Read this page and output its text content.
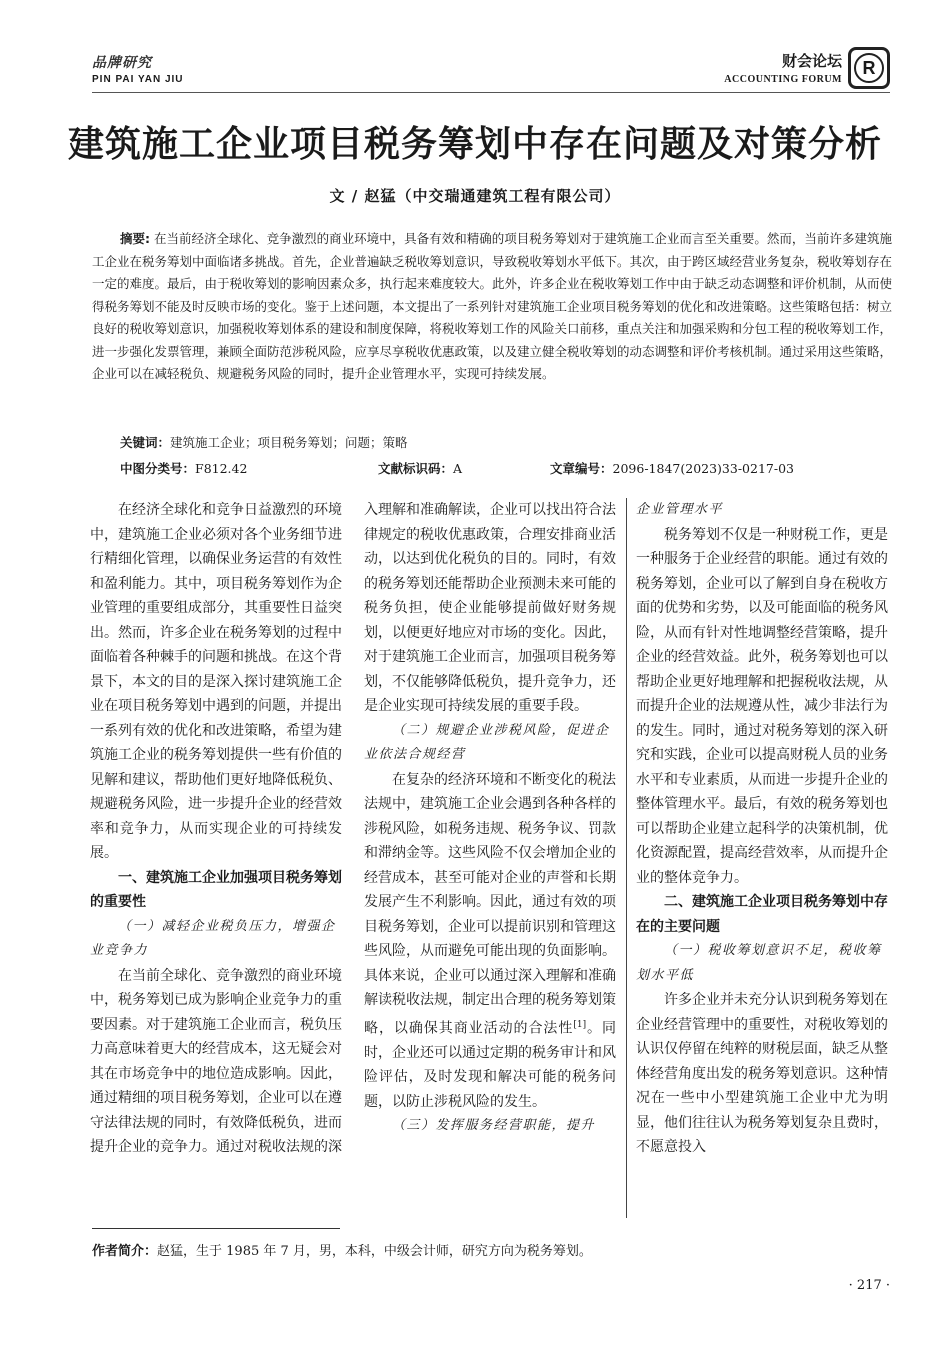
品牌研究
PIN PAI YAN JIU
财会论坛
ACCOUNTING FORUM
R
建筑施工企业项目税务筹划中存在问题及对策分析
文 / 赵猛（中交瑞通建筑工程有限公司）
摘要: 在当前经济全球化、竞争激烈的商业环境中，具备有效和精确的项目税务筹划对于建筑施工企业而言至关重要。然而，当前许多建筑施工企业在税务筹划中面临诸多挑战。首先，企业普遍缺乏税收筹划意识，导致税收筹划水平低下。其次，由于跨区域经营业务复杂，税收筹划存在一定的难度。最后，由于税收筹划的影响因素众多，执行起来难度较大。此外，许多企业在税收筹划工作中由于缺乏动态调整和评价机制，从而使得税务筹划不能及时反映市场的变化。鉴于上述问题，本文提出了一系列针对建筑施工企业项目税务筹划的优化和改进策略。这些策略包括：树立良好的税收筹划意识，加强税收筹划体系的建设和制度保障，将税收筹划工作的风险关口前移，重点关注和加强采购和分包工程的税收筹划工作，进一步强化发票管理，兼顾全面防范涉税风险，应享尽享税收优惠政策，以及建立健全税收筹划的动态调整和评价考核机制。通过采用这些策略，企业可以在减轻税负、规避税务风险的同时，提升企业管理水平，实现可持续发展。
关键词：建筑施工企业；项目税务筹划；问题；策略
中图分类号：F812.42	文献标识码：A	文章编号：2096-1847(2023)33-0217-03

在经济全球化和竞争日益激烈的环境中，建筑施工企业必须对各个业务细节进行精细化管理，以确保业务运营的有效性和盈利能力。其中，项目税务筹划作为企业管理的重要组成部分，其重要性日益突出。然而，许多企业在税务筹划的过程中面临着各种棘手的问题和挑战。在这个背景下，本文的目的是深入探讨建筑施工企业在项目税务筹划中遇到的问题，并提出一系列有效的优化和改进策略，希望为建筑施工企业的税务筹划提供一些有价值的见解和建议，帮助他们更好地降低税负、规避税务风险，进一步提升企业的经营效率和竞争力，从而实现企业的可持续发展。

一、建筑施工企业加强项目税务筹划的重要性
（一）减轻企业税负压力，增强企业竞争力

在当前全球化、竞争激烈的商业环境中，税务筹划已成为影响企业竞争力的重要因素。对于建筑施工企业而言，税负压力高意味着更大的经营成本，这无疑会对其在市场竞争中的地位造成影响。因此，通过精细的项目税务筹划，企业可以在遵守法律法规的同时，有效降低税负，进而提升企业的竞争力。通过对税收法规的深

入理解和准确解读，企业可以找出符合法律规定的税收优惠政策，合理安排商业活动，以达到优化税负的目的。同时，有效的税务筹划还能帮助企业预测未来可能的税务负担，使企业能够提前做好财务规划，以便更好地应对市场的变化。因此，对于建筑施工企业而言，加强项目税务筹划，不仅能够降低税负，提升竞争力，还是企业实现可持续发展的重要手段。

（二）规避企业涉税风险，促进企业依法合规经营

在复杂的经济环境和不断变化的税法法规中，建筑施工企业会遇到各种各样的涉税风险，如税务违规、税务争议、罚款和滞纳金等。这些风险不仅会增加企业的经营成本，甚至可能对企业的声誉和长期发展产生不利影响。因此，通过有效的项目税务筹划，企业可以提前识别和管理这些风险，从而避免可能出现的负面影响。具体来说，企业可以通过深入理解和准确解读税收法规，制定出合理的税务筹划策略，以确保其商业活动的合法性[1]。同时，企业还可以通过定期的税务审计和风险评估，及时发现和解决可能的税务问题，以防止涉税风险的发生。

（三）发挥服务经营职能，提升
企业管理水平

税务筹划不仅是一种财税工作，更是一种服务于企业经营的职能。通过有效的税务筹划，企业可以了解到自身在税收方面的优势和劣势，以及可能面临的税务风险，从而有针对性地调整经营策略，提升企业的经营效益。此外，税务筹划也可以帮助企业更好地理解和把握税收法规，从而提升企业的法规遵从性，减少非法行为的发生。同时，通过对税务筹划的深入研究和实践，企业可以提高财税人员的业务水平和专业素质，从而进一步提升企业的整体管理水平。最后，有效的税务筹划也可以帮助企业建立起科学的决策机制，优化资源配置，提高经营效率，从而提升企业的整体竞争力。

二、建筑施工企业项目税务筹划中存在的主要问题
（一）税收筹划意识不足，税收筹划水平低

许多企业并未充分认识到税务筹划在企业经营管理中的重要性，对税收筹划的认识仅停留在纯粹的财税层面，缺乏从整体经营角度出发的税务筹划意识。这种情况在一些中小型建筑施工企业中尤为明显，他们往往认为税务筹划复杂且费时，不愿意投入

作者简介：赵猛，生于 1985 年 7 月，男，本科，中级会计师，研究方向为税务筹划。
· 217 ·
